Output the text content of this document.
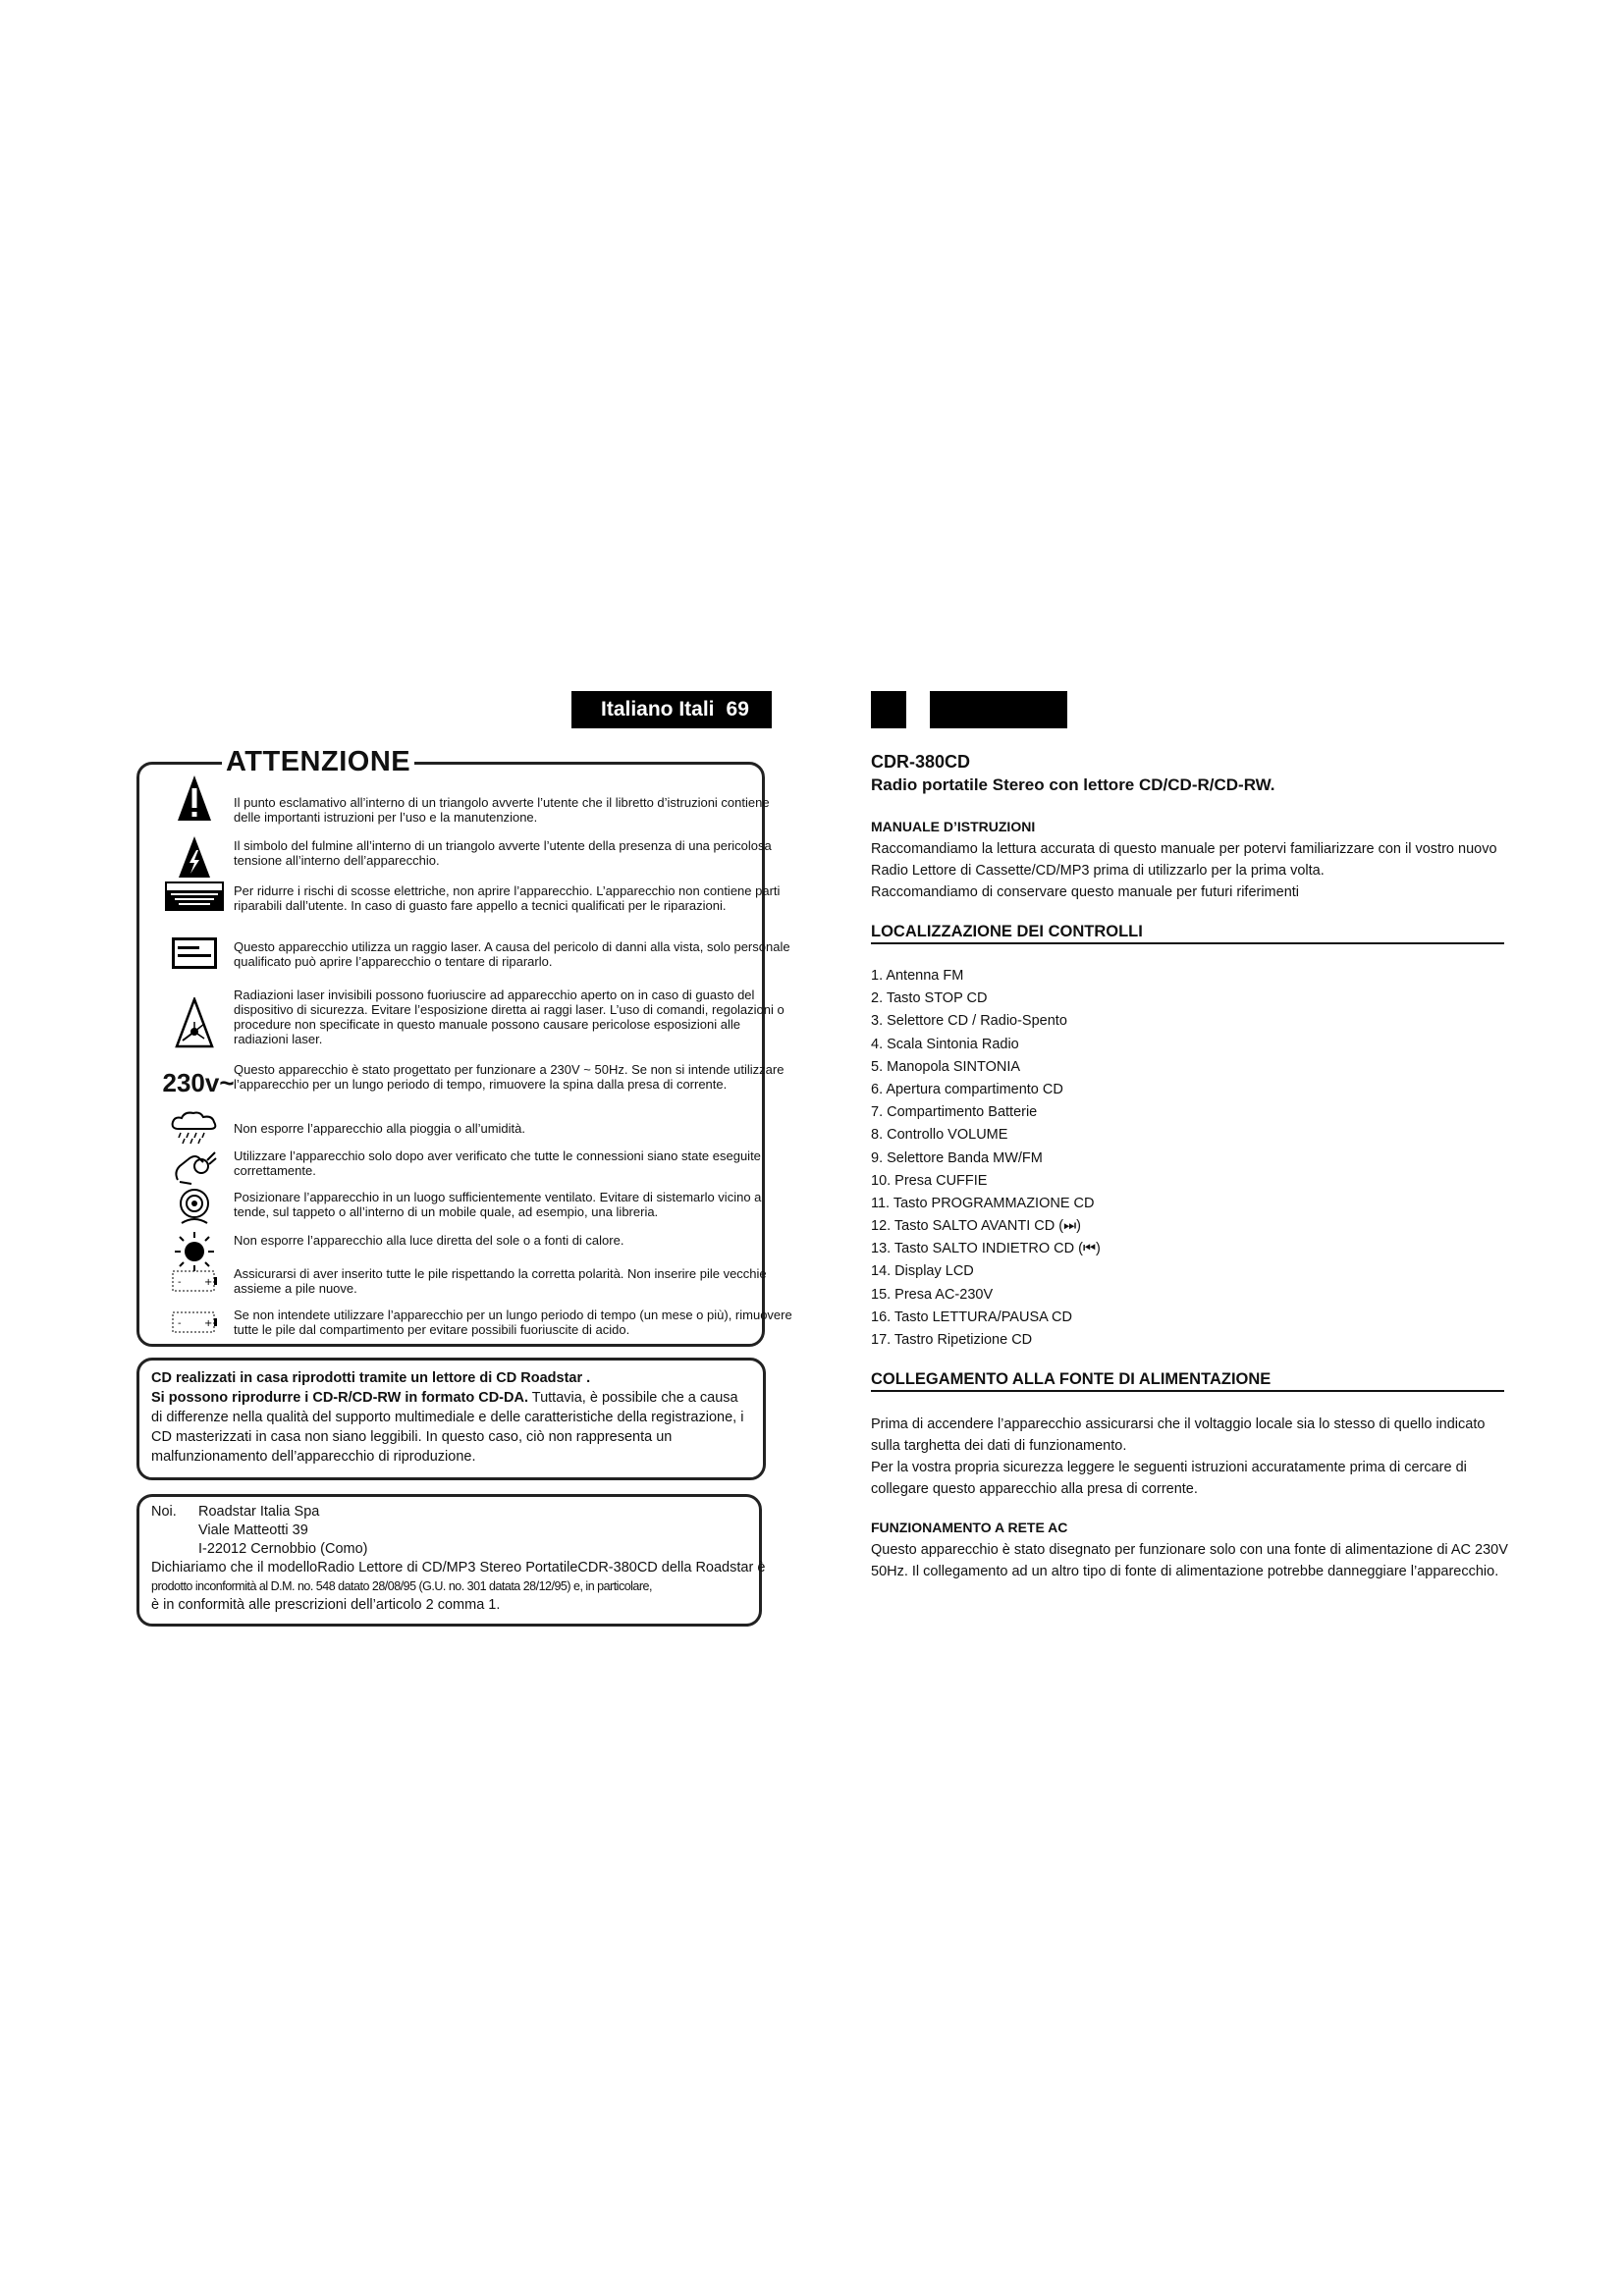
Italiano Itali 69
ATTENZIONE
Il punto esclamativo all’interno di un triangolo avverte l’utente che il libretto d’istruzioni contiene delle importanti istruzioni per l’uso e la manutenzione.
Il simbolo del fulmine all’interno di un triangolo avverte l’utente della presenza di una pericolosa tensione all’interno dell’apparecchio.
Per ridurre i rischi di scosse elettriche, non aprire l’apparecchio. L’apparecchio non contiene parti riparabili dall’utente. In caso di guasto fare appello a tecnici qualificati per le riparazioni.
Questo apparecchio utilizza un raggio laser. A causa del pericolo di danni alla vista, solo personale qualificato può aprire l’apparecchio o tentare di ripararlo.
Radiazioni laser invisibili possono fuoriuscire ad apparecchio aperto on in caso di guasto del dispositivo di sicurezza. Evitare l’esposizione diretta ai raggi laser. L’uso di comandi, regolazioni o procedure non specificate in questo manuale possono causare pericolose esposizioni alle radiazioni laser.
230v~ Questo apparecchio è stato progettato per funzionare a 230V ~ 50Hz. Se non si intende utilizzare l’apparecchio per un lungo periodo di tempo, rimuovere la spina dalla presa di corrente.
Non esporre l’apparecchio alla pioggia o all’umidità.
Utilizzare l’apparecchio solo dopo aver verificato che tutte le connessioni siano state eseguite correttamente.
Posizionare l’apparecchio in un luogo sufficientemente ventilato. Evitare di sistemarlo vicino a tende, sul tappeto o all’interno di un mobile quale, ad esempio, una libreria.
Non esporre l’apparecchio alla luce diretta del sole o a fonti di calore.
- +
Assicurarsi di aver inserito tutte le pile rispettando la corretta polarità. Non inserire pile vecchie assieme a pile nuove.
- +
Se non intendete utilizzare l’apparecchio per un lungo periodo di tempo (un mese o più), rimuovere tutte le pile dal compartimento per evitare possibili fuoriuscite di acido.
CD realizzati in casa riprodotti tramite un lettore di CD Roadstar .
Si possono riprodurre i CD-R/CD-RW in formato CD-DA. Tuttavia, è possibile che a causa di differenze nella qualità del supporto multimediale e delle caratteristiche della registrazione, i CD masterizzati in casa non siano leggibili. In questo caso, ciò non rappresenta un malfunzionamento dell’apparecchio di riproduzione.
Noi.	Roadstar Italia Spa
Viale Matteotti 39
I-22012 Cernobbio (Como)
Dichiariamo che il modelloRadio Lettore di CD/MP3 Stereo PortatileCDR-380CD della Roadstar è
prodotto inconformità al D.M. no. 548 datato 28/08/95 (G.U. no. 301 datata 28/12/95) e, in particolare,
è in conformità alle prescrizioni dell’articolo 2 comma 1.
CDR-380CD
Radio portatile Stereo con lettore CD/CD-R/CD-RW.
MANUALE D’ISTRUZIONI
Raccomandiamo la lettura accurata di questo manuale per potervi familiarizzare con il vostro nuovo Radio Lettore di Cassette/CD/MP3 prima di utilizzarlo per la prima volta.
Raccomandiamo di conservare questo manuale per futuri riferimenti
LOCALIZZAZIONE DEI CONTROLLI
1. Antenna FM
2. Tasto STOP CD
3. Selettore CD / Radio-Spento
4. Scala Sintonia Radio
5. Manopola SINTONIA
6. Apertura compartimento CD
7. Compartimento Batterie
8. Controllo VOLUME
9. Selettore Banda MW/FM
10. Presa CUFFIE
11. Tasto PROGRAMMAZIONE CD
12. Tasto SALTO AVANTI CD (⏭)
13. Tasto SALTO INDIETRO CD (⏮)
14. Display LCD
15. Presa AC-230V
16. Tasto LETTURA/PAUSA CD
17. Tastro Ripetizione CD
COLLEGAMENTO ALLA FONTE DI ALIMENTAZIONE
Prima di accendere l’apparecchio assicurarsi che il voltaggio locale sia lo stesso di quello indicato sulla targhetta dei dati di funzionamento.
Per la vostra propria sicurezza leggere le seguenti istruzioni accuratamente prima di cercare di collegare questo apparecchio alla presa di corrente.
FUNZIONAMENTO A RETE AC
Questo apparecchio è stato disegnato per funzionare solo con una fonte di alimentazione di AC 230V 50Hz. Il collegamento ad un altro tipo di fonte di alimentazione potrebbe danneggiare l’apparecchio.
